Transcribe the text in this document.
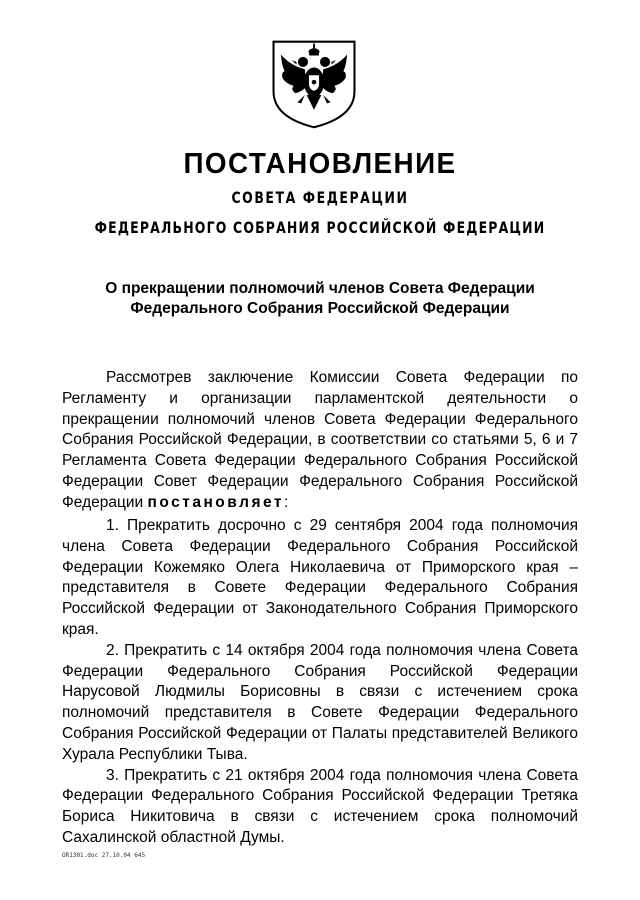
ПОСТАНОВЛЕНИЕ
СОВЕТА ФЕДЕРАЦИИ
ФЕДЕРАЛЬНОГО СОБРАНИЯ РОССИЙСКОЙ ФЕДЕРАЦИИ
О прекращении полномочий членов Совета Федерации
Федерального Собрания Российской Федерации

Рассмотрев заключение Комиссии Совета Федерации по Регламенту и организации парламентской деятельности о прекращении полномочий членов Совета Федерации Федерального Собрания Российской Федерации, в соответствии со статьями 5, 6 и 7 Регламента Совета Федерации Федерального Собрания Российской Федерации Совет Федерации Федерального Собрания Российской Федерации постановляет:

1. Прекратить досрочно с 29 сентября 2004 года полномочия члена Совета Федерации Федерального Собрания Российской Федерации Кожемяко Олега Николаевича от Приморского края – представителя в Совете Федерации Федерального Собрания Российской Федерации от Законодательного Собрания Приморского края.

2. Прекратить с 14 октября 2004 года полномочия члена Совета Федерации Федерального Собрания Российской Федерации Нарусовой Людмилы Борисовны в связи с истечением срока полномочий представителя в Совете Федерации Федерального Собрания Российской Федерации от Палаты представителей Великого Хурала Республики Тыва.

3. Прекратить с 21 октября 2004 года полномочия члена Совета Федерации Федерального Собрания Российской Федерации Третяка Бориса Никитовича в связи с истечением срока полномочий Сахалинской областной Думы.

ОR1301.doc 27.10.04 645
